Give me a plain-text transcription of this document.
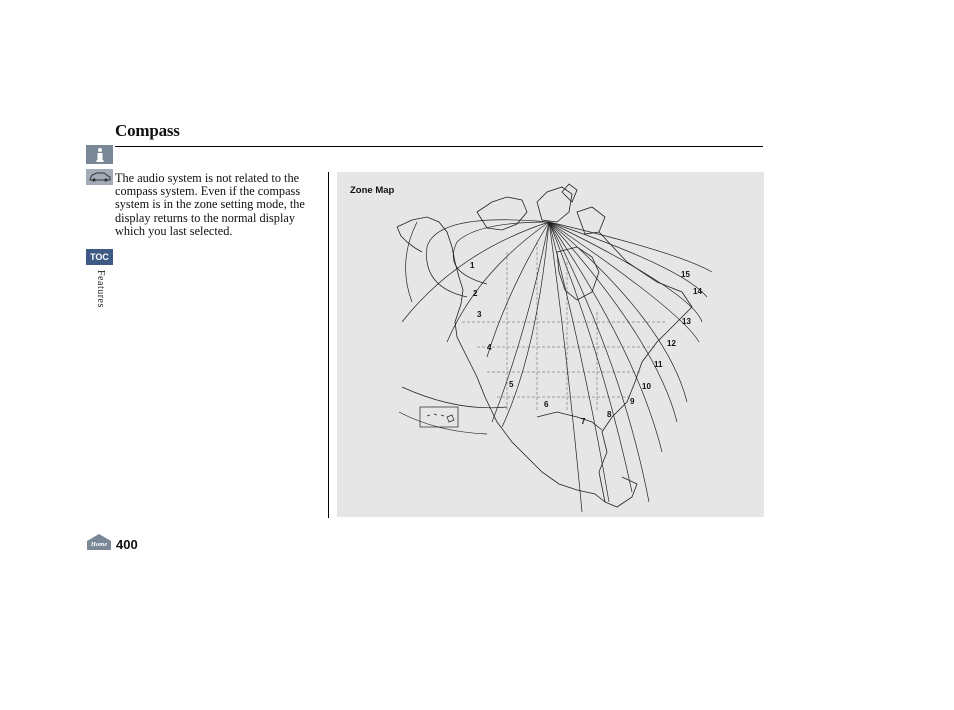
Compass
TOC
Features
The audio system is not related to the compass system. Even if the compass system is in the zone setting mode, the display returns to the normal display which you last selected.
Zone Map
1
2
3
4
5
6
7
8
9
10
11
12
13
14
15
Home 400
